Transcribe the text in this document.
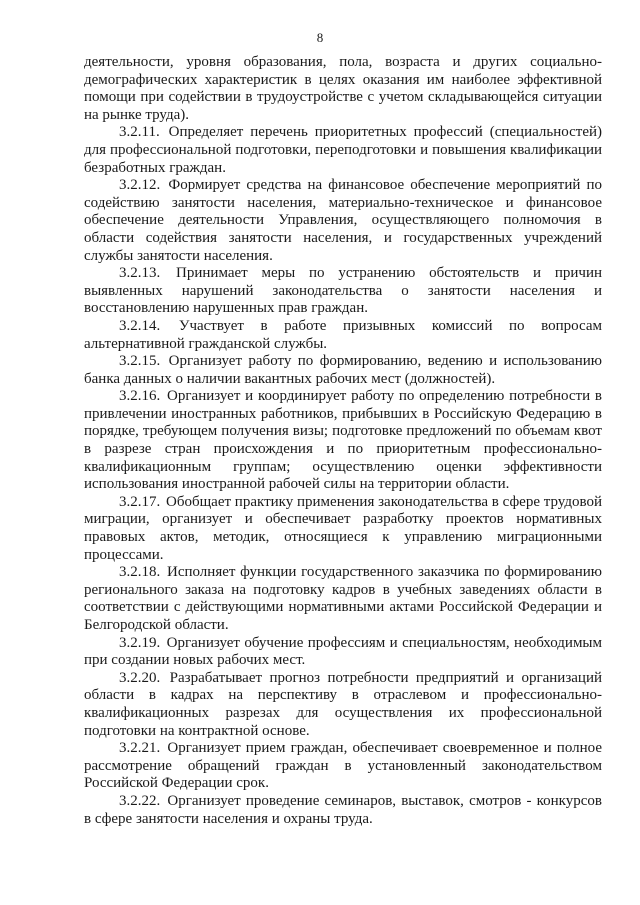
8

деятельности, уровня образования, пола, возраста и других социально-демографических характеристик в целях оказания им наиболее эффективной помощи при содействии в трудоустройстве с учетом складывающейся ситуации на рынке труда).

3.2.11. Определяет перечень приоритетных профессий (специальностей) для профессиональной подготовки, переподготовки и повышения квалификации безработных граждан.

3.2.12. Формирует средства на финансовое обеспечение мероприятий по содействию занятости населения, материально-техническое и финансовое обеспечение деятельности Управления, осуществляющего полномочия в области содействия занятости населения, и государственных учреждений службы занятости населения.

3.2.13. Принимает меры по устранению обстоятельств и причин выявленных нарушений законодательства о занятости населения и восстановлению нарушенных прав граждан.

3.2.14. Участвует в работе призывных комиссий по вопросам альтернативной гражданской службы.

3.2.15. Организует работу по формированию, ведению и использованию банка данных о наличии вакантных рабочих мест (должностей).

3.2.16. Организует и координирует работу по определению потребности в привлечении иностранных работников, прибывших в Российскую Федерацию в порядке, требующем получения визы; подготовке предложений по объемам квот в разрезе стран происхождения и по приоритетным профессионально-квалификационным группам; осуществлению оценки эффективности использования иностранной рабочей силы на территории области.

3.2.17. Обобщает практику применения законодательства в сфере трудовой миграции, организует и обеспечивает разработку проектов нормативных правовых актов, методик, относящиеся к управлению миграционными процессами.

3.2.18. Исполняет функции государственного заказчика по формированию регионального заказа на подготовку кадров в учебных заведениях области в соответствии с действующими нормативными актами Российской Федерации и Белгородской области.

3.2.19. Организует обучение профессиям и специальностям, необходимым при создании новых рабочих мест.

3.2.20. Разрабатывает прогноз потребности предприятий и организаций области в кадрах на перспективу в отраслевом и профессионально-квалификационных разрезах для осуществления их профессиональной подготовки на контрактной основе.

3.2.21. Организует прием граждан, обеспечивает своевременное и полное рассмотрение обращений граждан в установленный законодательством Российской Федерации срок.

3.2.22. Организует проведение семинаров, выставок, смотров - конкурсов в сфере занятости населения и охраны труда.
